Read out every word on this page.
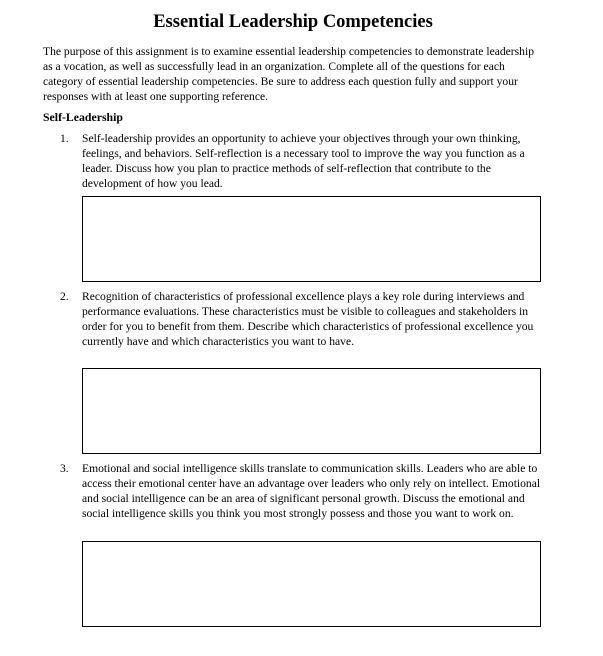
Essential Leadership Competencies
The purpose of this assignment is to examine essential leadership competencies to demonstrate leadership as a vocation, as well as successfully lead in an organization. Complete all of the questions for each category of essential leadership competencies. Be sure to address each question fully and support your responses with at least one supporting reference.
Self-Leadership
1.	Self-leadership provides an opportunity to achieve your objectives through your own thinking, feelings, and behaviors. Self-reflection is a necessary tool to improve the way you function as a leader. Discuss how you plan to practice methods of self-reflection that contribute to the development of how you lead.
2.	Recognition of characteristics of professional excellence plays a key role during interviews and performance evaluations. These characteristics must be visible to colleagues and stakeholders in order for you to benefit from them. Describe which characteristics of professional excellence you currently have and which characteristics you want to have.
3.	Emotional and social intelligence skills translate to communication skills. Leaders who are able to access their emotional center have an advantage over leaders who only rely on intellect. Emotional and social intelligence can be an area of significant personal growth. Discuss the emotional and social intelligence skills you think you most strongly possess and those you want to work on.
